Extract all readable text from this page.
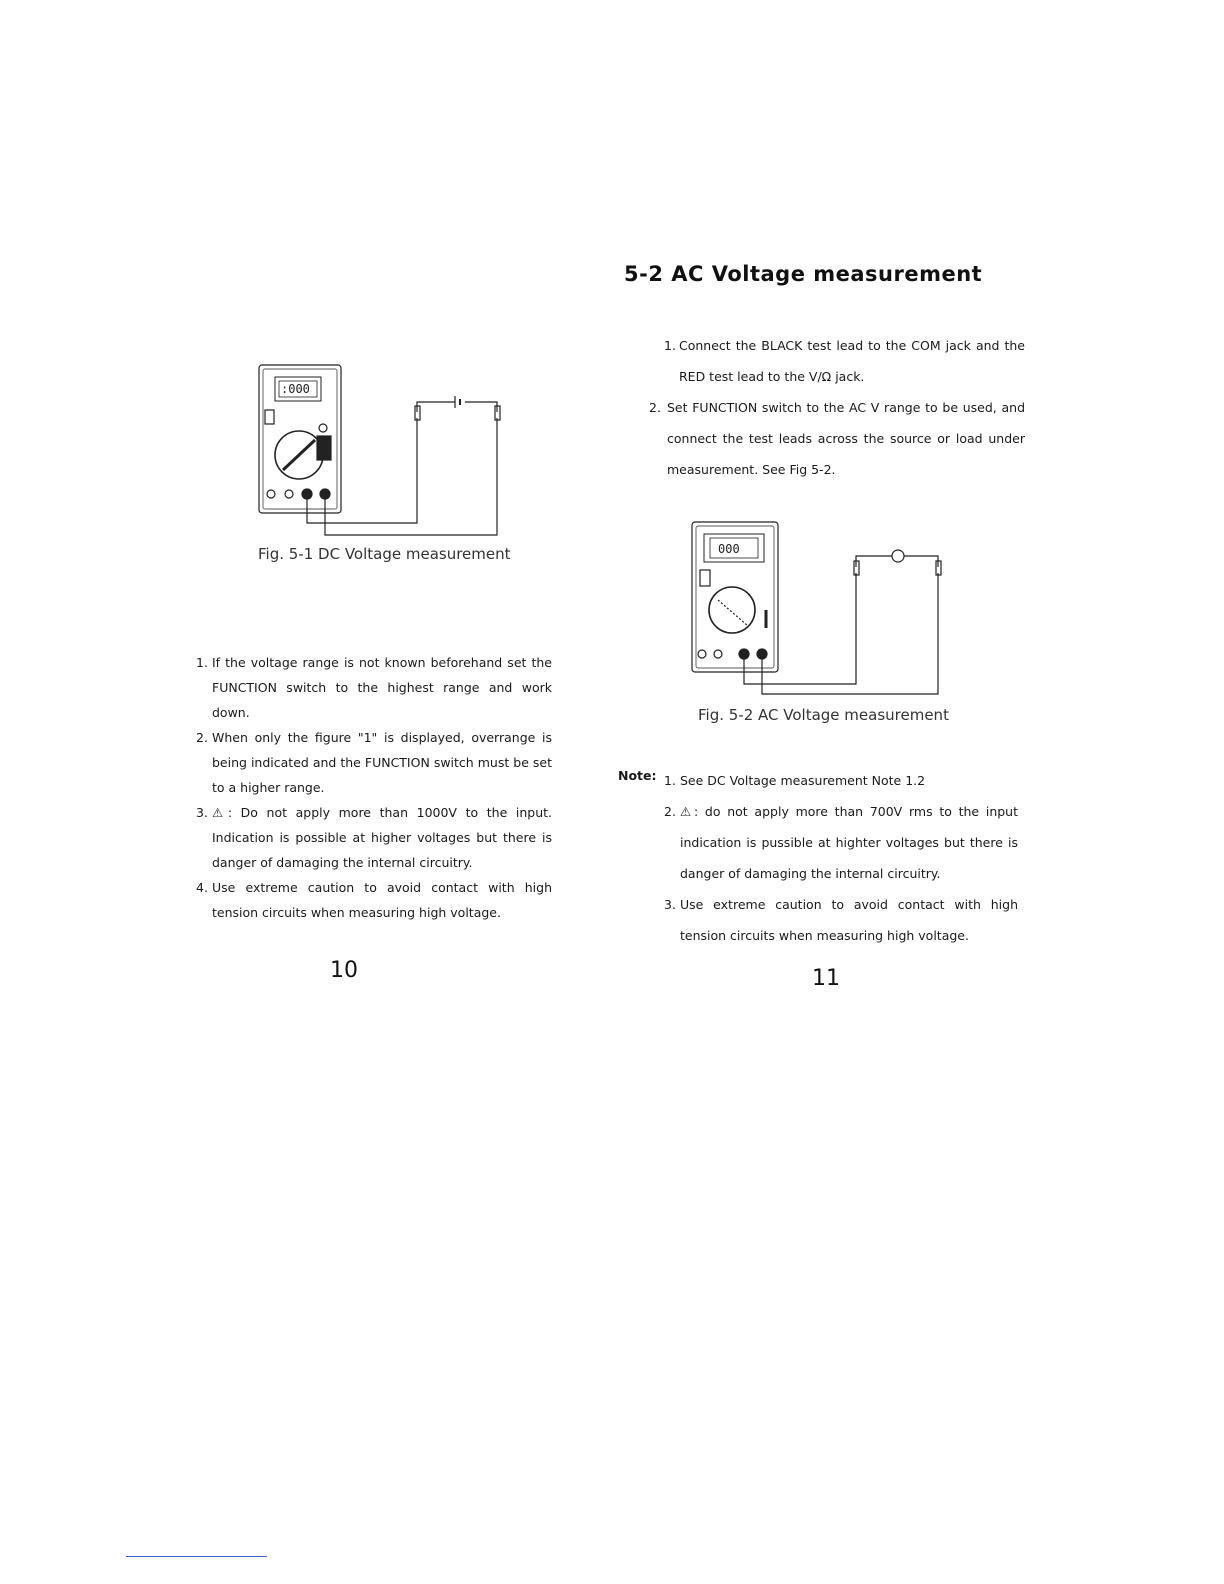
5-2 AC Voltage measurement
:000
Fig. 5-1 DC Voltage measurement
1. If the voltage range is not known beforehand set the FUNCTION switch to the highest range and work down.
2. When only the figure "1" is displayed, overrange is being indicated and the FUNCTION switch must be set to a higher range.
3. ⚠: Do not apply more than 1000V to the input. Indication is possible at higher voltages but there is danger of damaging the internal circuitry.
4. Use extreme caution to avoid contact with high tension circuits when measuring high voltage.
10
1. Connect the BLACK test lead to the COM jack and the RED test lead to the V/Ω jack.
2. Set FUNCTION switch to the AC V range to be used, and connect the test leads across the source or load under measurement. See Fig 5-2.
000
Fig. 5-2 AC Voltage measurement
Note: 1. See DC Voltage measurement Note 1.2
2. ⚠: do not apply more than 700V rms to the input indication is pussible at highter voltages but there is danger of damaging the internal circuitry.
3. Use extreme caution to avoid contact with high tension circuits when measuring high voltage.
11
